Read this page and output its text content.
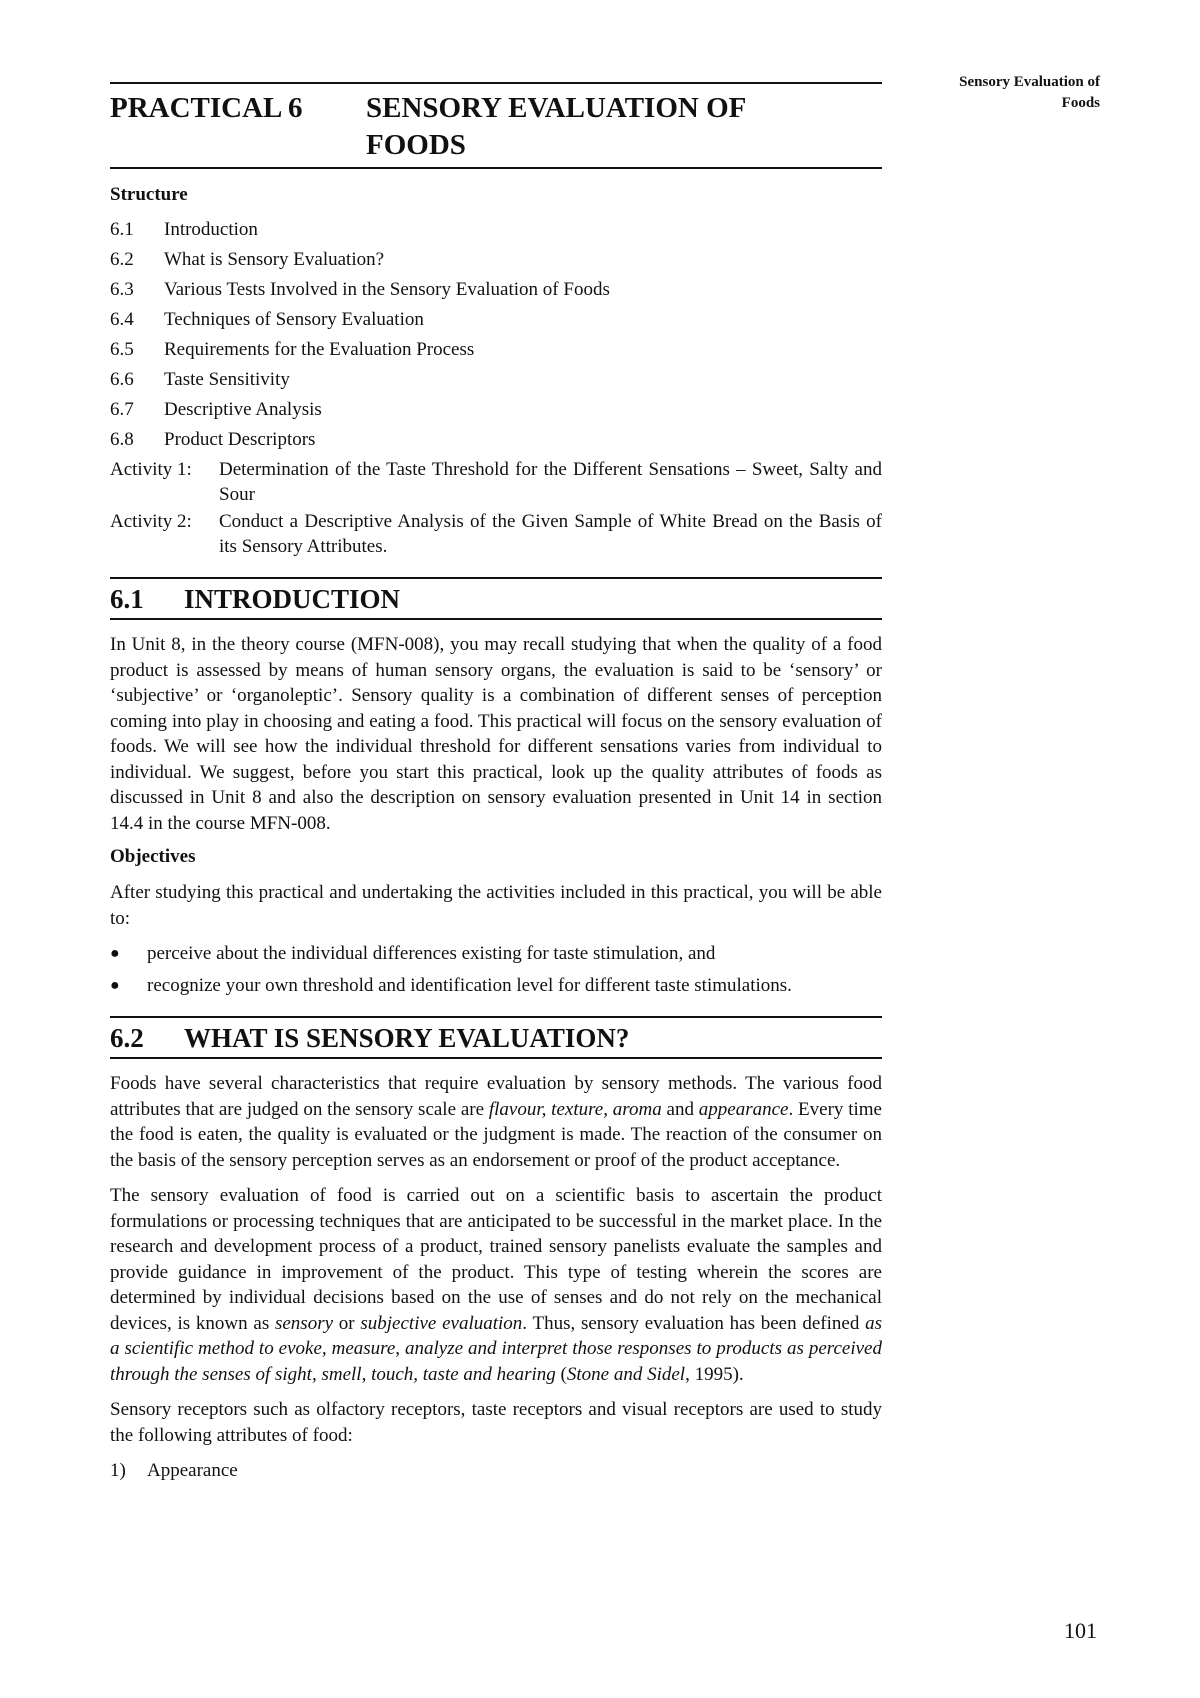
Sensory Evaluation of
Foods
PRACTICAL 6	SENSORY EVALUATION OF
FOODS
Structure
6.1	Introduction
6.2	What is Sensory Evaluation?
6.3	Various Tests Involved in the Sensory Evaluation of Foods
6.4	Techniques of Sensory Evaluation
6.5	Requirements for the Evaluation Process
6.6	Taste Sensitivity
6.7	Descriptive Analysis
6.8	Product Descriptors
Activity 1:	Determination of the Taste Threshold for the Different Sensations – Sweet, Salty and Sour
Activity 2:	Conduct a Descriptive Analysis of the Given Sample of White Bread on the Basis of its Sensory Attributes.
6.1	INTRODUCTION

In Unit 8, in the theory course (MFN-008), you may recall studying that when the quality of a food product is assessed by means of human sensory organs, the evaluation is said to be ‘sensory’ or ‘subjective’ or ‘organoleptic’. Sensory quality is a combination of different senses of perception coming into play in choosing and eating a food. This practical will focus on the sensory evaluation of foods. We will see how the individual threshold for different sensations varies from individual to individual. We suggest, before you start this practical, look up the quality attributes of foods as discussed in Unit 8 and also the description on sensory evaluation presented in Unit 14 in section 14.4 in the course MFN-008.

Objectives

After studying this practical and undertaking the activities included in this practical, you will be able to:

●	perceive about the individual differences existing for taste stimulation, and
●	recognize your own threshold and identification level for different taste stimulations.
6.2	WHAT IS SENSORY EVALUATION?

Foods have several characteristics that require evaluation by sensory methods. The various food attributes that are judged on the sensory scale are flavour, texture, aroma and appearance. Every time the food is eaten, the quality is evaluated or the judgment is made. The reaction of the consumer on the basis of the sensory perception serves as an endorsement or proof of the product acceptance.

The sensory evaluation of food is carried out on a scientific basis to ascertain the product formulations or processing techniques that are anticipated to be successful in the market place. In the research and development process of a product, trained sensory panelists evaluate the samples and provide guidance in improvement of the product. This type of testing wherein the scores are determined by individual decisions based on the use of senses and do not rely on the mechanical devices, is known as sensory or subjective evaluation. Thus, sensory evaluation has been defined as a scientific method to evoke, measure, analyze and interpret those responses to products as perceived through the senses of sight, smell, touch, taste and hearing (Stone and Sidel, 1995).

Sensory receptors such as olfactory receptors, taste receptors and visual receptors are used to study the following attributes of food:

1)	Appearance
101
